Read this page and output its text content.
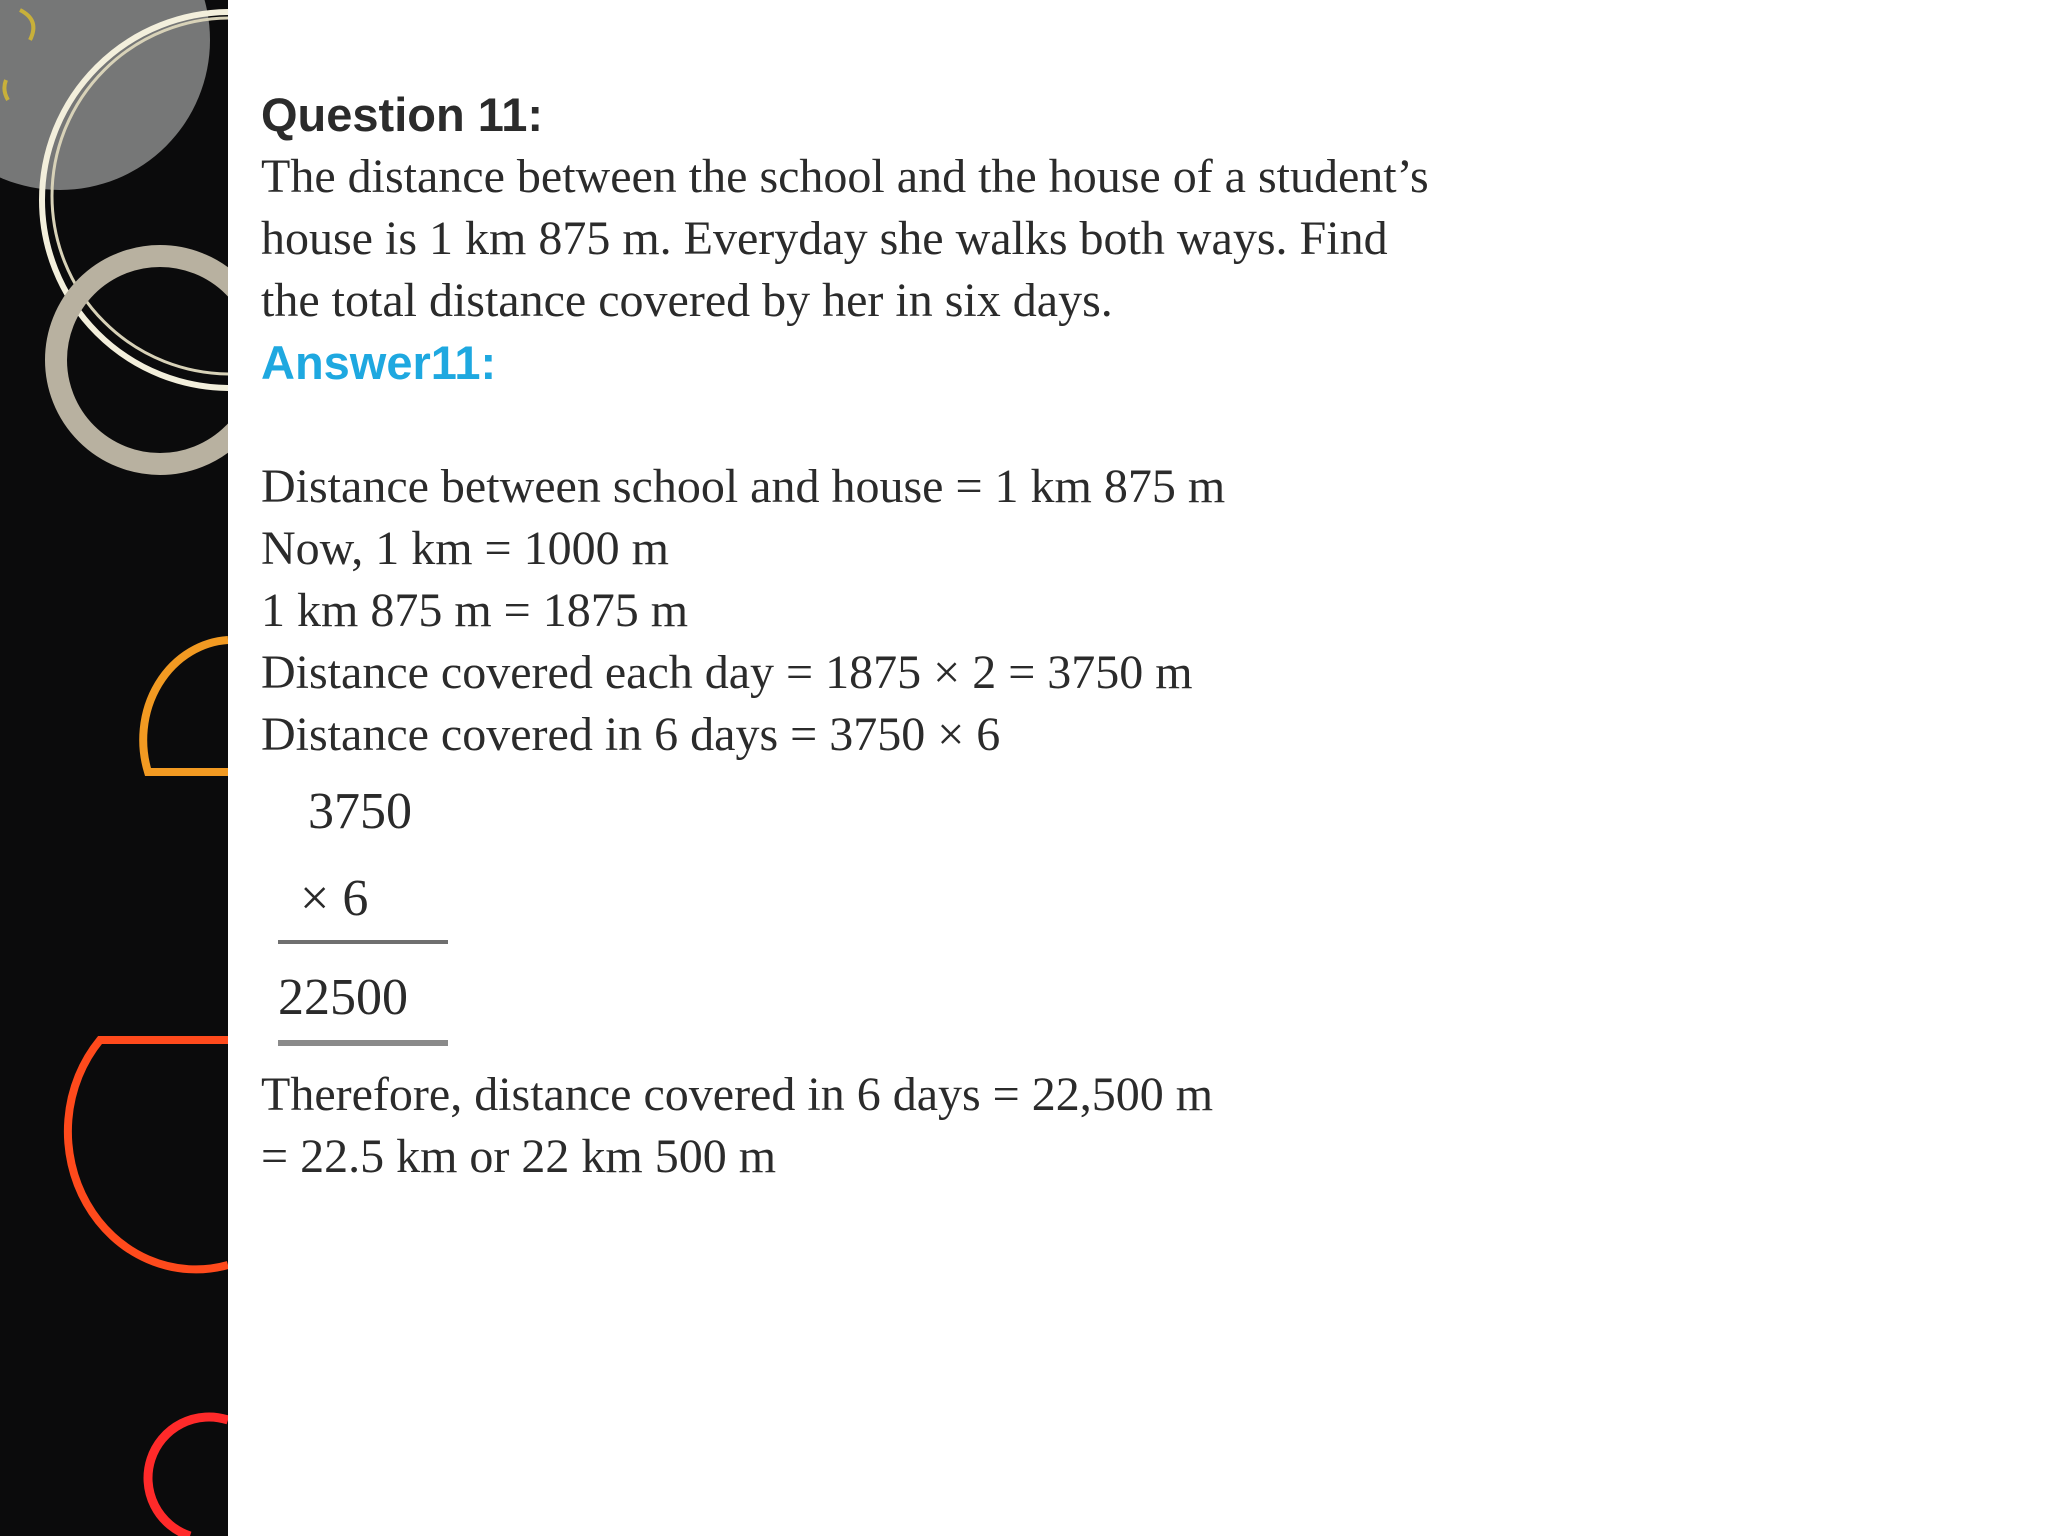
Question 11:

The distance between the school and the house of a student’s

house is 1 km 875 m. Everyday she walks both ways. Find

the total distance covered by her in six days.

Answer11:

Distance between school and house = 1 km 875 m

Now, 1 km = 1000 m

1 km 875 m = 1875 m

Distance covered each day = 1875 × 2 = 3750 m

Distance covered in 6 days = 3750 × 6

3750
× 6
22500

Therefore, distance covered in 6 days = 22,500 m

= 22.5 km or 22 km 500 m
